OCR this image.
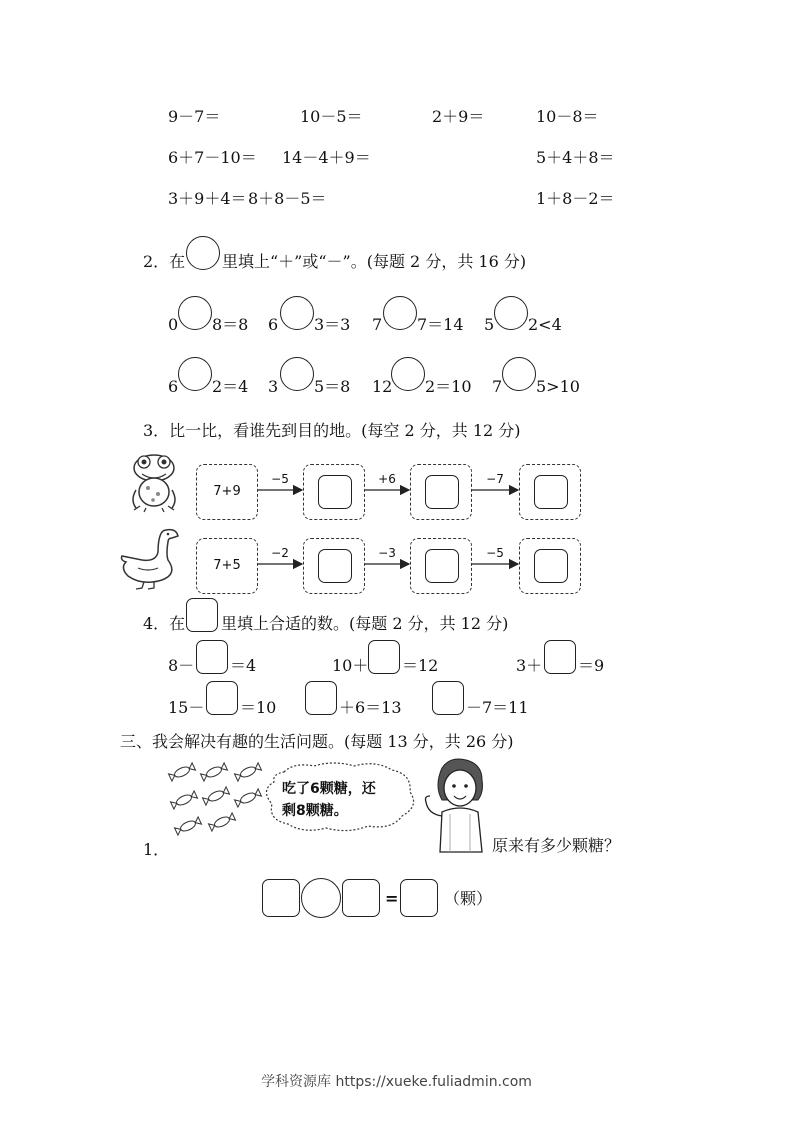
9－7＝	10－5＝	2＋9＝	10－8＝
6＋7－10＝ 14－4＋9＝	5＋4＋8＝
3＋9＋4＝ 8＋8－5＝	1＋8－2＝
2．在 里填上“＋”或“－”。(每题 2 分，共 16 分)
0 8＝8 6 3＝3 7 7＝14 5 2<4
6 2＝4 3 5＝8 12 2＝10 7 5>10
3．比一比，看谁先到目的地。(每空 2 分，共 12 分)
7+9
−5	+6	−7
7+5
−2	−3	−5
4．在 里填上合适的数。(每题 2 分，共 12 分)
8－ ＝4	10＋ ＝12	3＋ ＝9
15－ ＝10	＋6＝13	－7＝11
三、我会解决有趣的生活问题。(每题 13 分，共 26 分)
吃了6颗糖，还
剩8颗糖。
1．	原来有多少颗糖？
=	（颗）
学科资源库 https://xueke.fuliadmin.com
